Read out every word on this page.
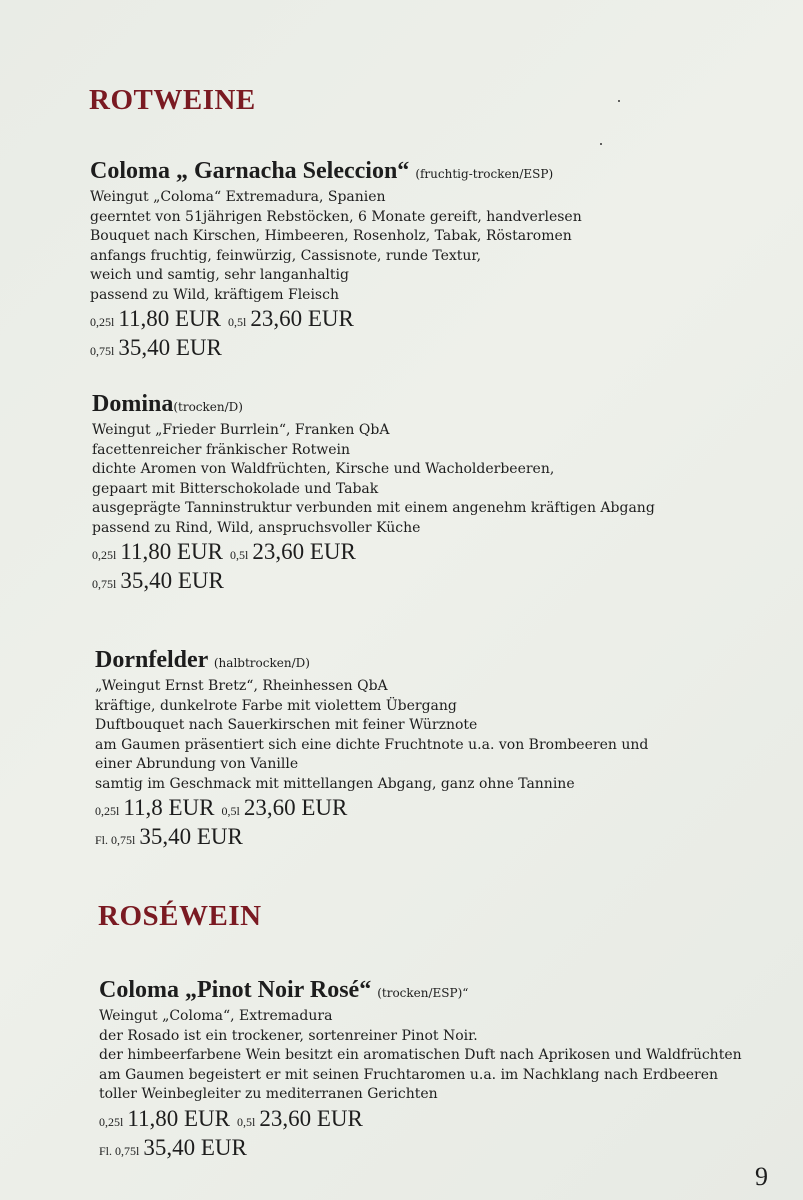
ROTWEINE
ROSÉWEIN
Coloma „ Garnacha Seleccion“ (fruchtig-trocken/ESP)
Weingut „Coloma“ Extremadura, Spanien
geerntet von 51jährigen Rebstöcken, 6 Monate gereift, handverlesen
Bouquet nach Kirschen, Himbeeren, Rosenholz, Tabak, Röstaromen
anfangs fruchtig, feinwürzig, Cassisnote, runde Textur,
weich und samtig, sehr langanhaltig
passend zu Wild, kräftigem Fleisch
0,25l 11,80 EUR 0,5l 23,60 EUR
0,75l 35,40 EUR
Domina(trocken/D)
Weingut „Frieder Burrlein“, Franken QbA
facettenreicher fränkischer Rotwein
dichte Aromen von Waldfrüchten, Kirsche und Wacholderbeeren,
gepaart mit Bitterschokolade und Tabak
ausgeprägte Tanninstruktur verbunden mit einem angenehm kräftigen Abgang
passend zu Rind, Wild, anspruchsvoller Küche
0,25l 11,80 EUR 0,5l 23,60 EUR
0,75l 35,40 EUR
Dornfelder (halbtrocken/D)
„Weingut Ernst Bretz“, Rheinhessen QbA
kräftige, dunkelrote Farbe mit violettem Übergang
Duftbouquet nach Sauerkirschen mit feiner Würznote
am Gaumen präsentiert sich eine dichte Fruchtnote u.a. von Brombeeren und
einer Abrundung von Vanille
samtig im Geschmack mit mittellangen Abgang, ganz ohne Tannine
0,25l 11,8 EUR 0,5l 23,60 EUR
Fl. 0,75l 35,40 EUR
Coloma „Pinot Noir Rosé“ (trocken/ESP)“
Weingut „Coloma“, Extremadura
der Rosado ist ein trockener, sortenreiner Pinot Noir.
der himbeerfarbene Wein besitzt ein aromatischen Duft nach Aprikosen und Waldfrüchten
am Gaumen begeistert er mit seinen Fruchtaromen u.a. im Nachklang nach Erdbeeren
toller Weinbegleiter zu mediterranen Gerichten
0,25l 11,80 EUR 0,5l 23,60 EUR
Fl. 0,75l 35,40 EUR
9
